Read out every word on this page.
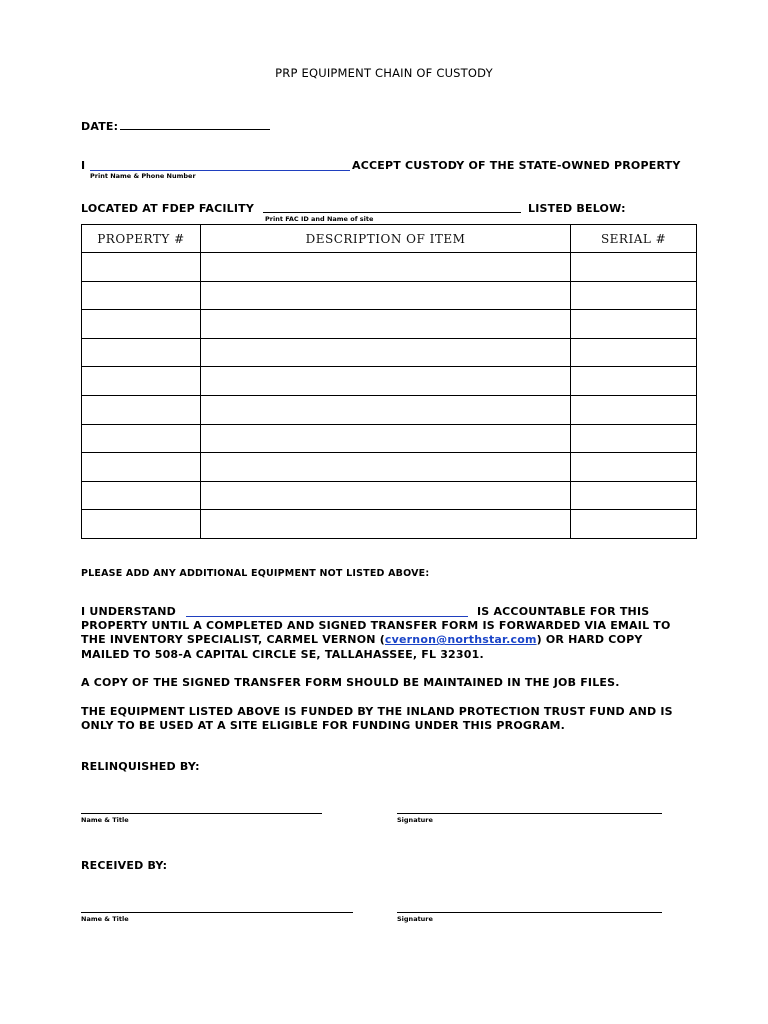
PRP EQUIPMENT CHAIN OF CUSTODY
DATE:
I	ACCEPT CUSTODY OF THE STATE-OWNED PROPERTY
Print Name & Phone Number
LOCATED AT FDEP FACILITY	LISTED BELOW:
Print FAC ID and Name of site
PROPERTY #	DESCRIPTION OF ITEM	SERIAL #

PLEASE ADD ANY ADDITIONAL EQUIPMENT NOT LISTED ABOVE:
I UNDERSTAND	IS ACCOUNTABLE FOR THIS
PROPERTY UNTIL A COMPLETED AND SIGNED TRANSFER FORM IS FORWARDED VIA EMAIL TO
THE INVENTORY SPECIALIST, CARMEL VERNON (cvernon@northstar.com) OR HARD COPY
MAILED TO 508-A CAPITAL CIRCLE SE, TALLAHASSEE, FL 32301.
A COPY OF THE SIGNED TRANSFER FORM SHOULD BE MAINTAINED IN THE JOB FILES.
THE EQUIPMENT LISTED ABOVE IS FUNDED BY THE INLAND PROTECTION TRUST FUND AND IS
ONLY TO BE USED AT A SITE ELIGIBLE FOR FUNDING UNDER THIS PROGRAM.
RELINQUISHED BY:
Name & Title	Signature
RECEIVED BY:
Name & Title	Signature
